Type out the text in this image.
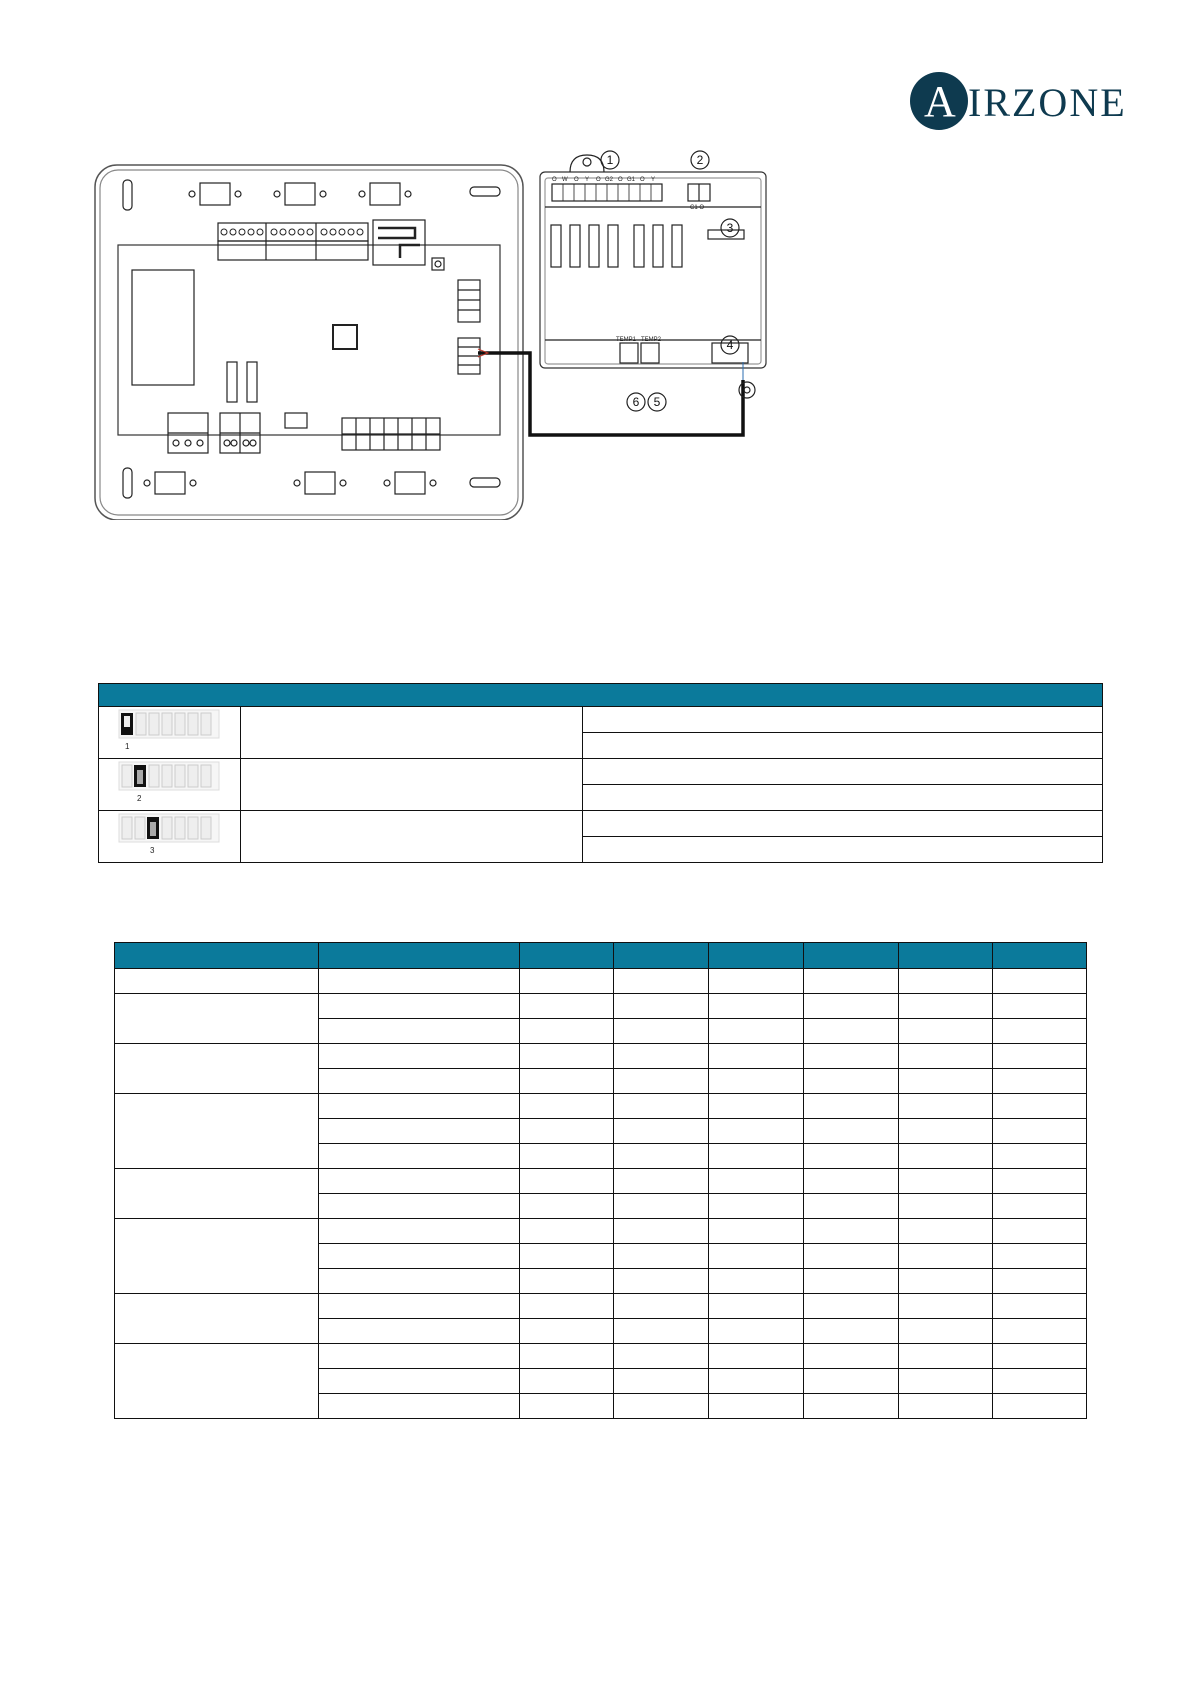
A IRZONE
O W O Y O G2 O G1 O Y
C1 O
TEMP1 TEMP2
1	2
3
4
5
6

1		

2		

3		
